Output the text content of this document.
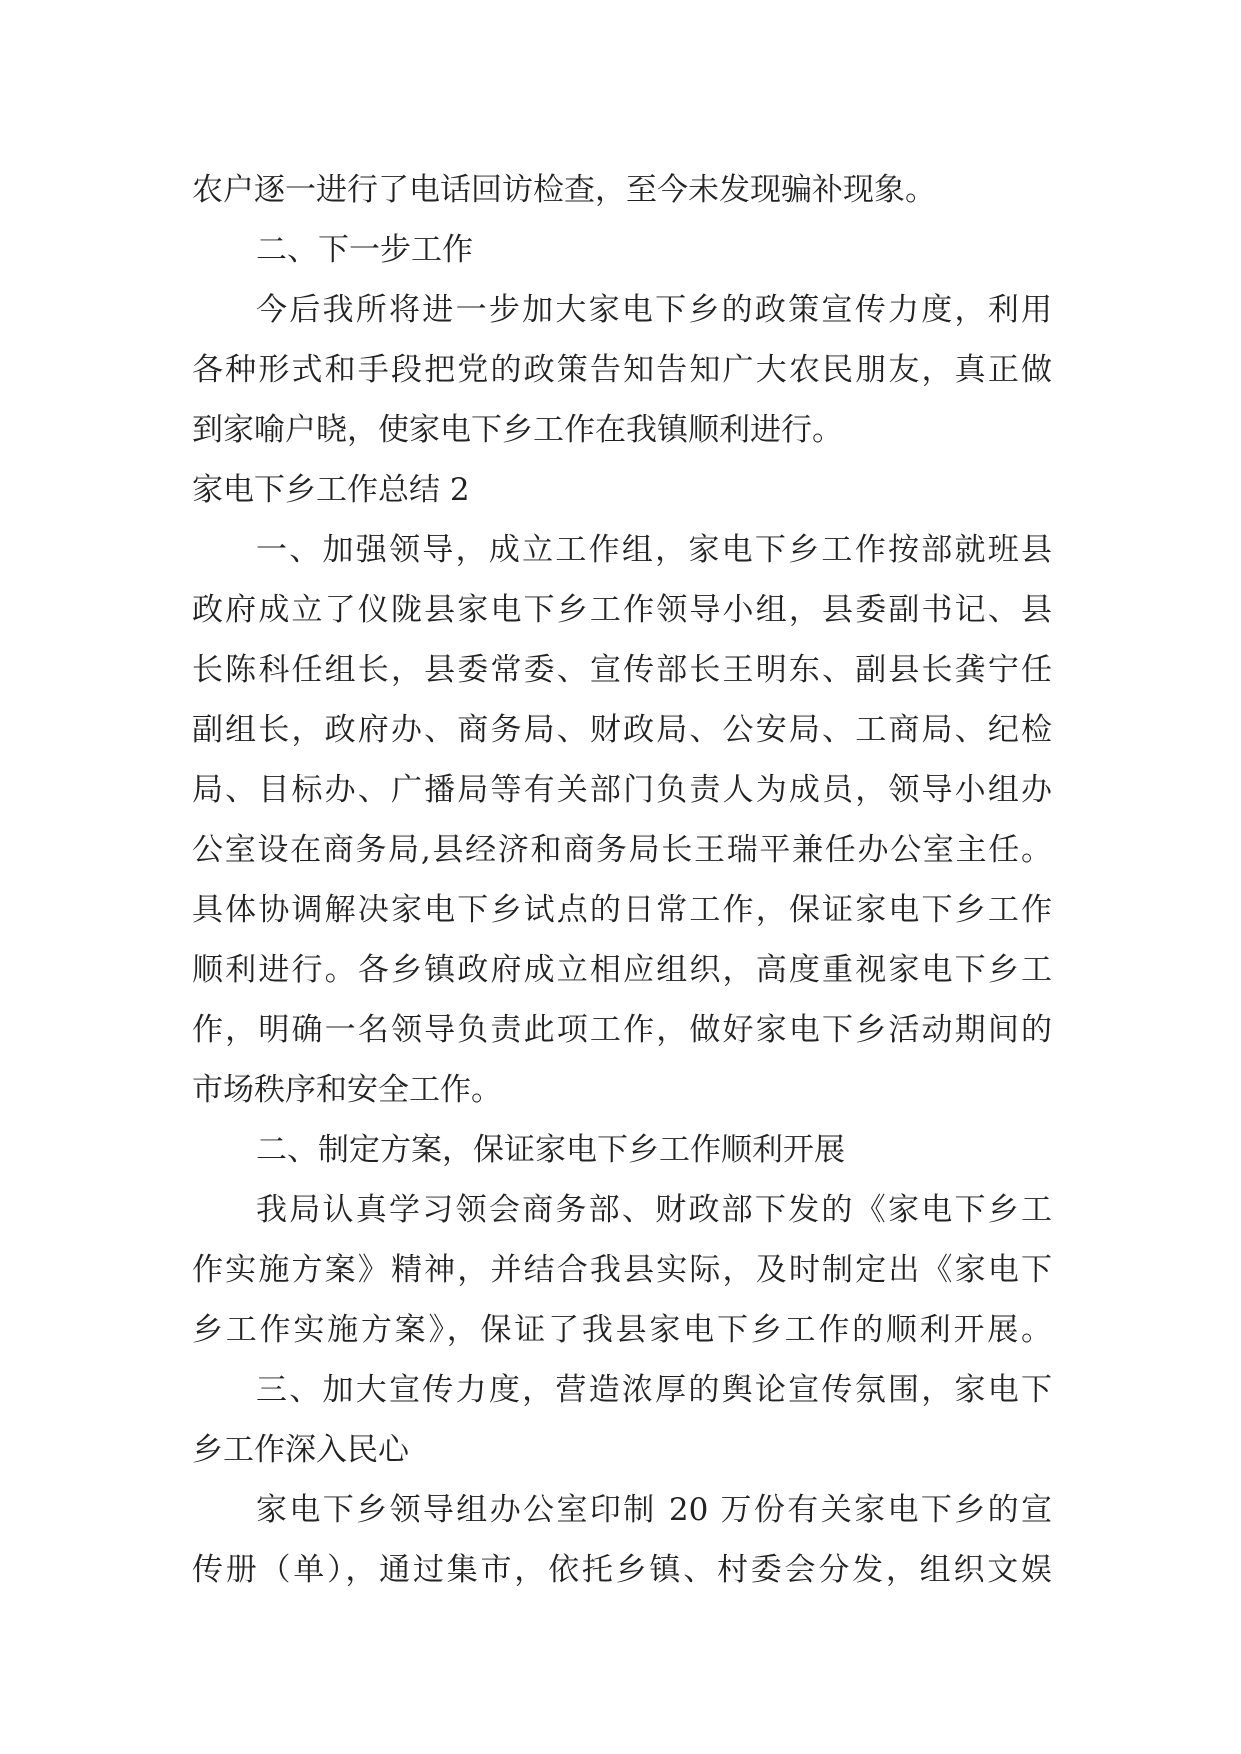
农户逐一进行了电话回访检查，至今未发现骗补现象。
二、下一步工作
今后我所将进一步加大家电下乡的政策宣传力度，利用
各种形式和手段把党的政策告知告知广大农民朋友，真正做
到家喻户晓，使家电下乡工作在我镇顺利进行。
家电下乡工作总结 2
一、加强领导，成立工作组，家电下乡工作按部就班县
政府成立了仪陇县家电下乡工作领导小组，县委副书记、县
长陈科任组长，县委常委、宣传部长王明东、副县长龚宁任
副组长，政府办、商务局、财政局、公安局、工商局、纪检
局、目标办、广播局等有关部门负责人为成员，领导小组办
公室设在商务局,县经济和商务局长王瑞平兼任办公室主任。
具体协调解决家电下乡试点的日常工作，保证家电下乡工作
顺利进行。各乡镇政府成立相应组织，高度重视家电下乡工
作，明确一名领导负责此项工作，做好家电下乡活动期间的
市场秩序和安全工作。
二、制定方案，保证家电下乡工作顺利开展
我局认真学习领会商务部、财政部下发的《家电下乡工
作实施方案》精神，并结合我县实际，及时制定出《家电下
乡工作实施方案》，保证了我县家电下乡工作的顺利开展。
三、加大宣传力度，营造浓厚的舆论宣传氛围，家电下
乡工作深入民心
家电下乡领导组办公室印制 20 万份有关家电下乡的宣
传册（单），通过集市，依托乡镇、村委会分发，组织文娱
